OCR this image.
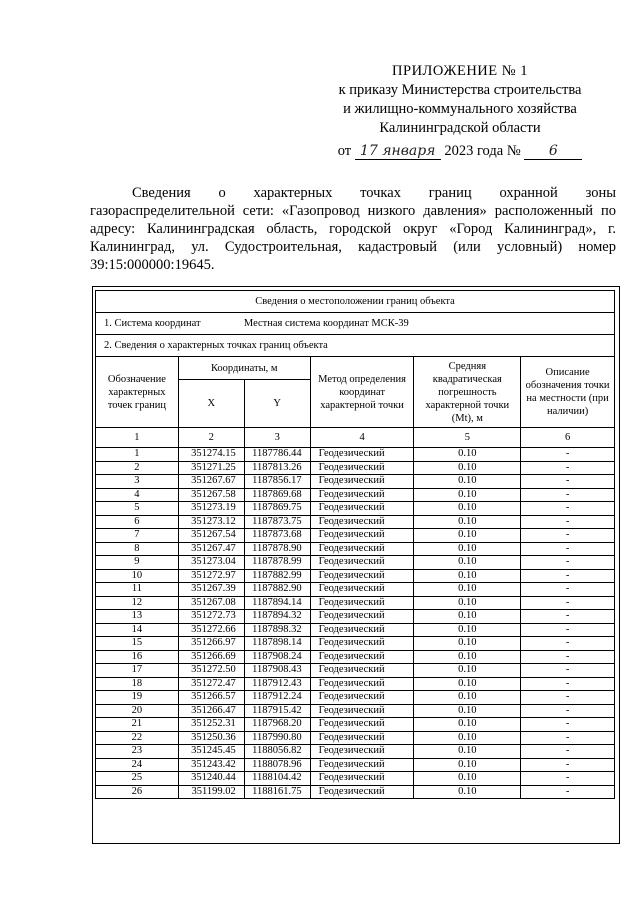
ПРИЛОЖЕНИЕ № 1
к приказу Министерства строительства
и жилищно-коммунального хозяйства
Калининградской области
от 17 января 2023 года № 6
Сведения о характерных точках границ охранной зоны газораспределительной сети: «Газопровод низкого давления» расположенный по адресу: Калининградская область, городской округ «Город Калининград», г. Калининград, ул. Судостроительная, кадастровый (или условный) номер 39:15:000000:19645.
Сведения о местоположении границ объекта					
1. Система координат Местная система координат МСК-39					
2. Сведения о характерных точках границ объекта					
Обозначение характерных точек границ	Координаты, м		Метод определения координат характерной точки	Средняя квадратическая погрешность характерной точки (Mt), м	Описание обозначения точки на местности (при наличии)
	X	Y			
1	2	3	4	5	6
1	351274.15	1187786.44	Геодезический	0.10	-
2	351271.25	1187813.26	Геодезический	0.10	-
3	351267.67	1187856.17	Геодезический	0.10	-
4	351267.58	1187869.68	Геодезический	0.10	-
5	351273.19	1187869.75	Геодезический	0.10	-
6	351273.12	1187873.75	Геодезический	0.10	-
7	351267.54	1187873.68	Геодезический	0.10	-
8	351267.47	1187878.90	Геодезический	0.10	-
9	351273.04	1187878.99	Геодезический	0.10	-
10	351272.97	1187882.99	Геодезический	0.10	-
11	351267.39	1187882.90	Геодезический	0.10	-
12	351267.08	1187894.14	Геодезический	0.10	-
13	351272.73	1187894.32	Геодезический	0.10	-
14	351272.66	1187898.32	Геодезический	0.10	-
15	351266.97	1187898.14	Геодезический	0.10	-
16	351266.69	1187908.24	Геодезический	0.10	-
17	351272.50	1187908.43	Геодезический	0.10	-
18	351272.47	1187912.43	Геодезический	0.10	-
19	351266.57	1187912.24	Геодезический	0.10	-
20	351266.47	1187915.42	Геодезический	0.10	-
21	351252.31	1187968.20	Геодезический	0.10	-
22	351250.36	1187990.80	Геодезический	0.10	-
23	351245.45	1188056.82	Геодезический	0.10	-
24	351243.42	1188078.96	Геодезический	0.10	-
25	351240.44	1188104.42	Геодезический	0.10	-
26	351199.02	1188161.75	Геодезический	0.10	-
